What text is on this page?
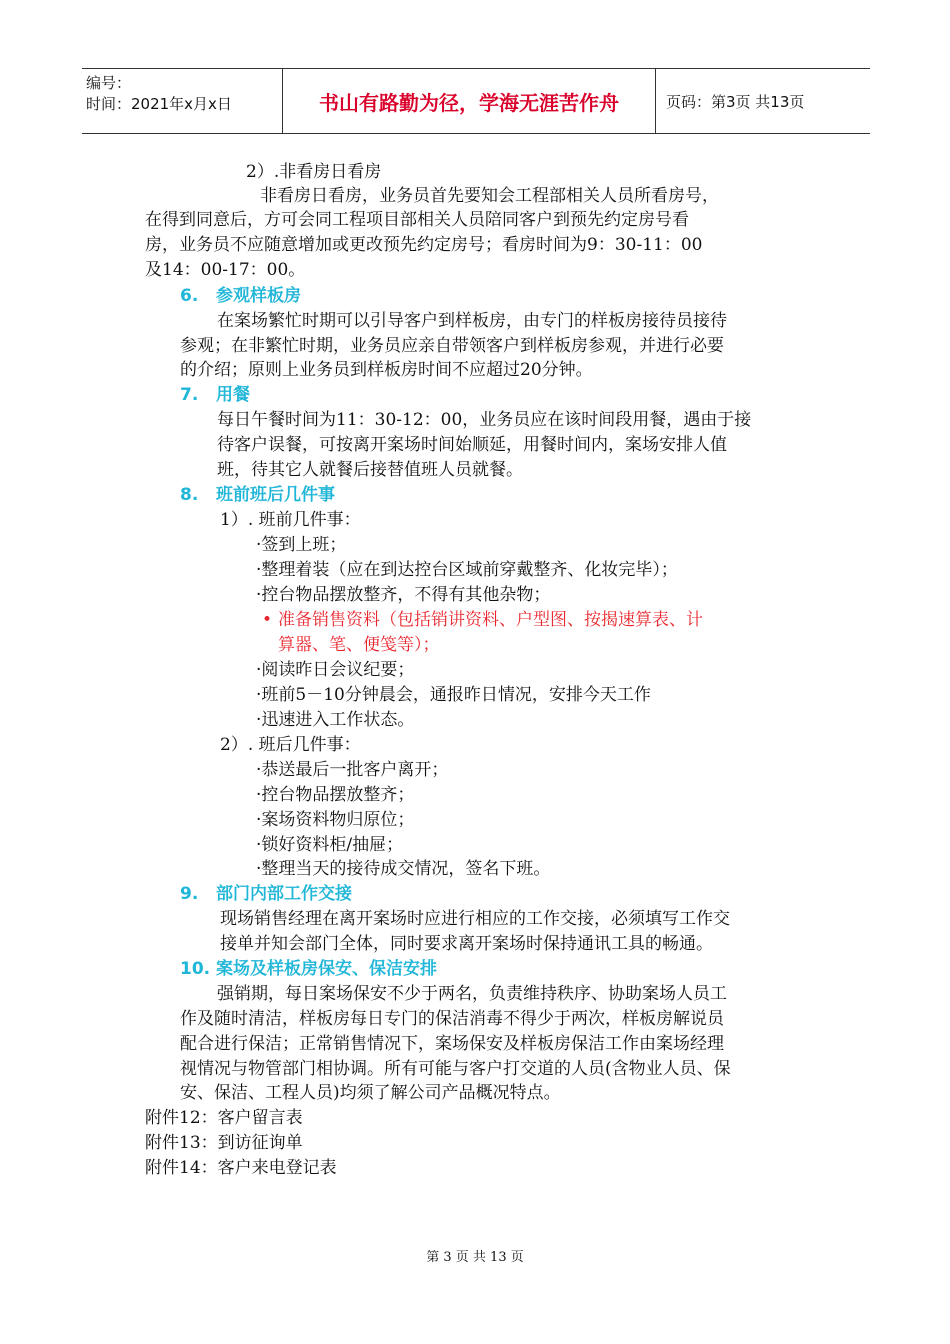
编号：
时间：2021年x月x日	书山有路勤为径，学海无涯苦作舟	页码：第3页 共13页
2）.非看房日看房
非看房日看房，业务员首先要知会工程部相关人员所看房号，
在得到同意后，方可会同工程项目部相关人员陪同客户到预先约定房号看
房，业务员不应随意增加或更改预先约定房号；看房时间为9：30-11：00
及14：00-17：00。
6. 参观样板房
在案场繁忙时期可以引导客户到样板房，由专门的样板房接待员接待
参观；在非繁忙时期，业务员应亲自带领客户到样板房参观，并进行必要
的介绍；原则上业务员到样板房时间不应超过20分钟。
7. 用餐
每日午餐时间为11：30-12：00，业务员应在该时间段用餐，遇由于接
待客户误餐，可按离开案场时间始顺延，用餐时间内，案场安排人值
班，待其它人就餐后接替值班人员就餐。
8. 班前班后几件事
1）. 班前几件事：
·签到上班；
·整理着装（应在到达控台区域前穿戴整齐、化妆完毕）；
·控台物品摆放整齐，不得有其他杂物；
• 准备销售资料（包括销讲资料、户型图、按揭速算表、计
算器、笔、便笺等）；
·阅读昨日会议纪要；
·班前5－10分钟晨会，通报昨日情况，安排今天工作
·迅速进入工作状态。
2）. 班后几件事：
·恭送最后一批客户离开；
·控台物品摆放整齐；
·案场资料物归原位；
·锁好资料柜/抽屉；
·整理当天的接待成交情况，签名下班。
9. 部门内部工作交接
现场销售经理在离开案场时应进行相应的工作交接，必须填写工作交
接单并知会部门全体，同时要求离开案场时保持通讯工具的畅通。
10. 案场及样板房保安、保洁安排
强销期，每日案场保安不少于两名，负责维持秩序、协助案场人员工
作及随时清洁，样板房每日专门的保洁消毒不得少于两次，样板房解说员
配合进行保洁；正常销售情况下，案场保安及样板房保洁工作由案场经理
视情况与物管部门相协调。所有可能与客户打交道的人员(含物业人员、保
安、保洁、工程人员)均须了解公司产品概况特点。
附件12：客户留言表
附件13：到访征询单
附件14：客户来电登记表
第 3 页 共 13 页
